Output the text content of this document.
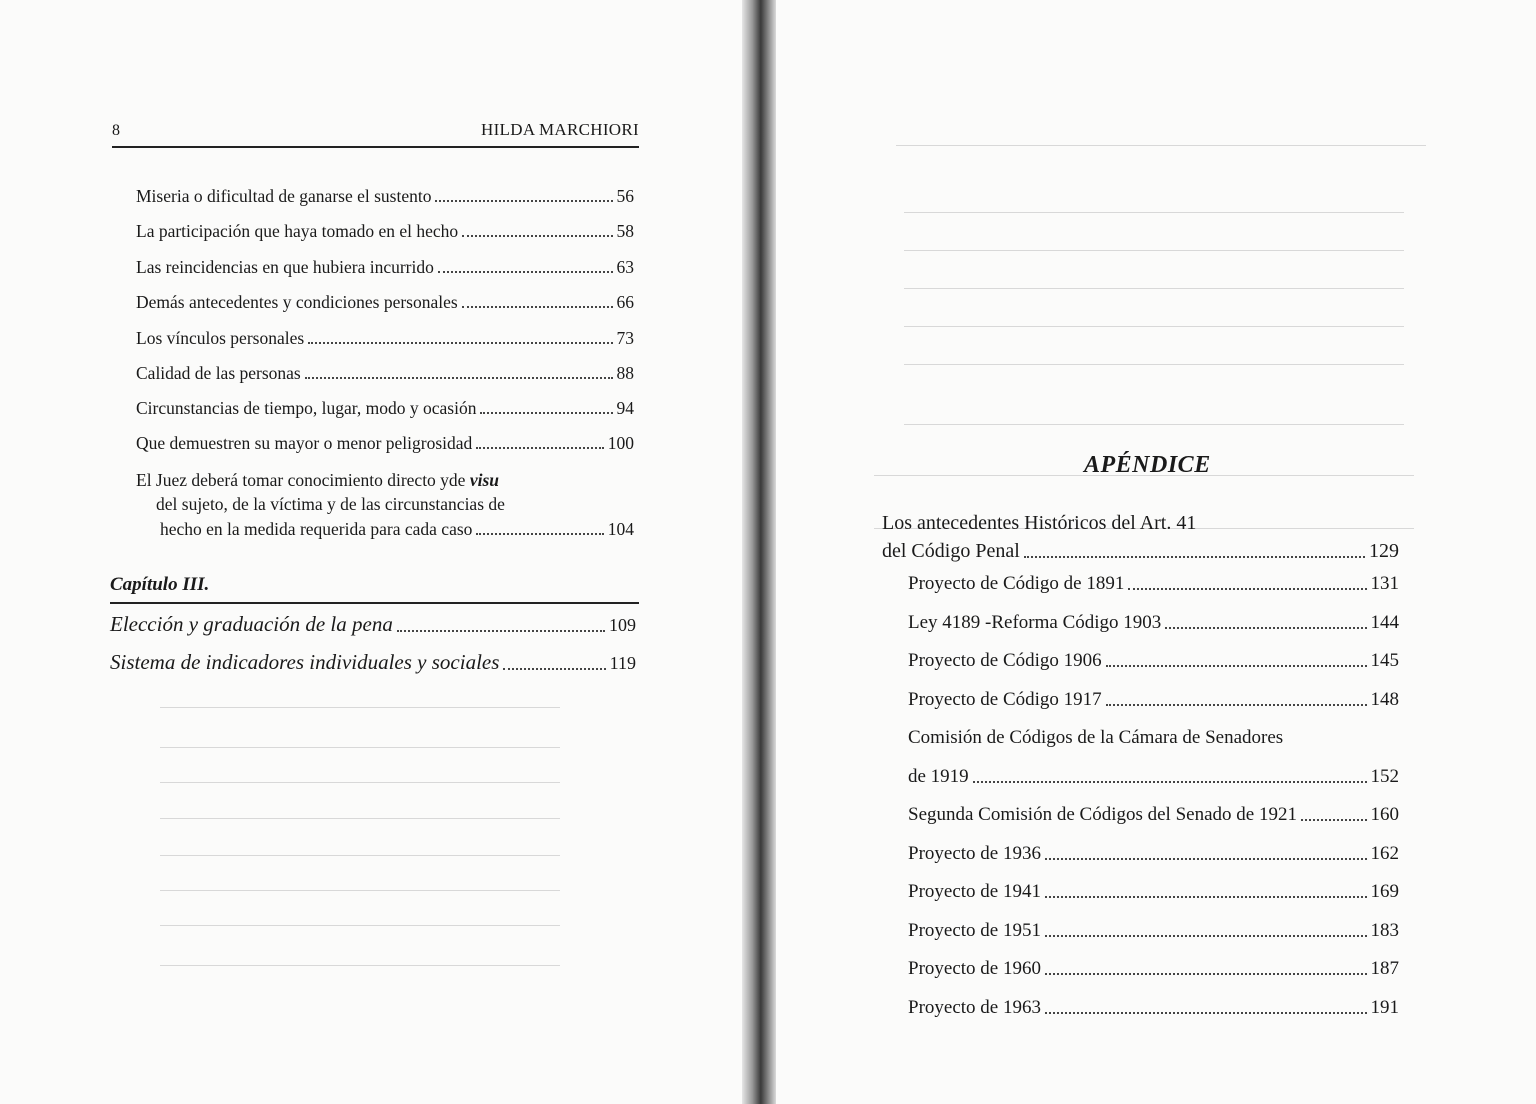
8	HILDA MARCHIORI
Miseria o dificultad de ganarse el sustento	56
La participación que haya tomado en el hecho	58
Las reincidencias en que hubiera incurrido	63
Demás antecedentes y condiciones personales	66
Los vínculos personales	73
Calidad de las personas	88
Circunstancias de tiempo, lugar, modo y ocasión	94
Que demuestren su mayor o menor peligrosidad	100
El Juez deberá tomar conocimiento directo yde visu
del sujeto, de la víctima y de las circunstancias de
hecho en la medida requerida para cada caso	104
Capítulo III.
Elección y graduación de la pena	109
Sistema de indicadores individuales y sociales	119
APÉNDICE
Los antecedentes Históricos del Art. 41
del Código Penal	129
Proyecto de Código de 1891	131
Ley 4189 -Reforma Código 1903	144
Proyecto de Código 1906	145
Proyecto de Código 1917	148
Comisión de Códigos de la Cámara de Senadores
de 1919	152
Segunda Comisión de Códigos del Senado de 1921	160
Proyecto de 1936	162
Proyecto de 1941	169
Proyecto de 1951	183
Proyecto de 1960	187
Proyecto de 1963	191
